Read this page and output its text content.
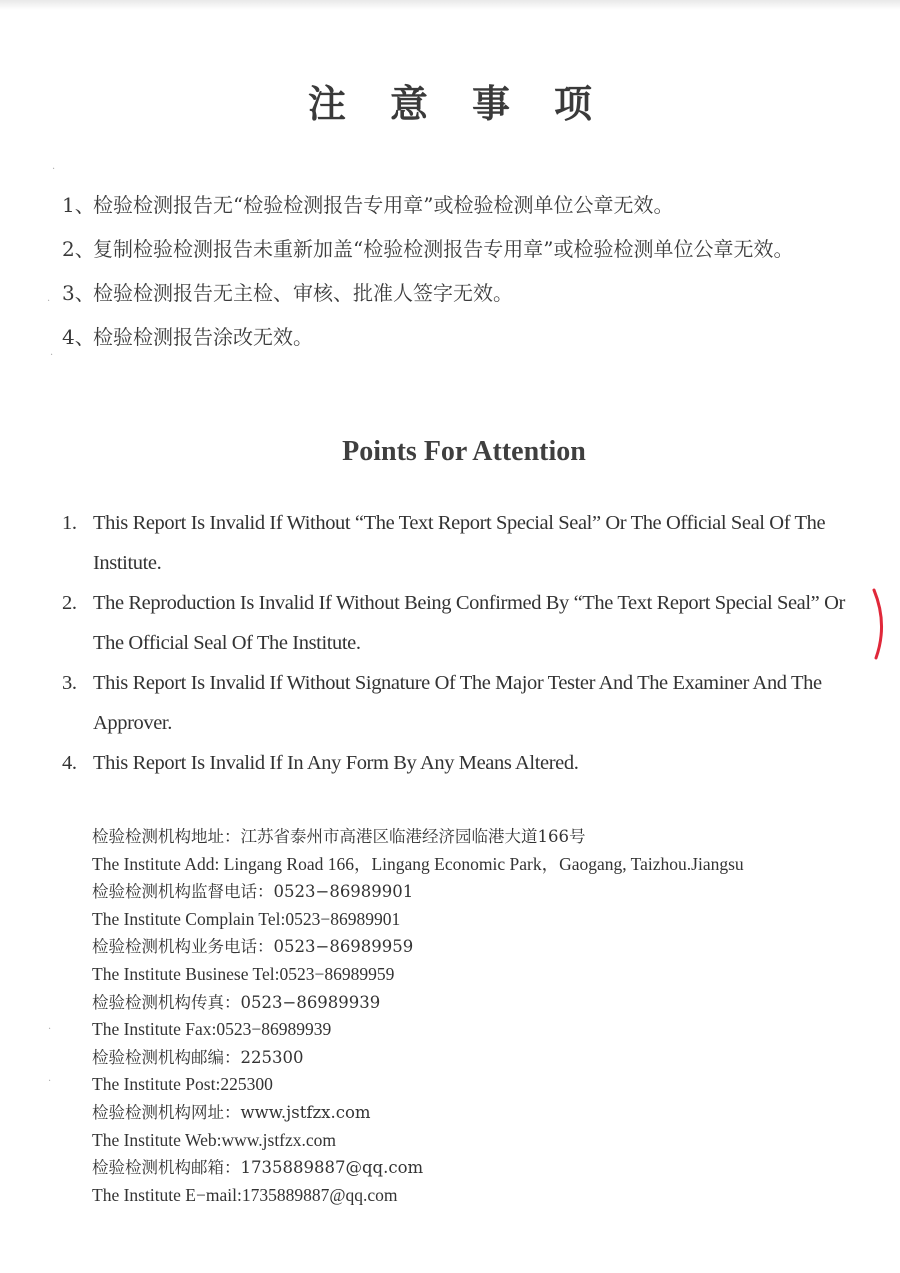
注意事项
1、
检验检测报告无“检验检测报告专用章”或检验检测单位公章无效。
2、
复制检验检测报告未重新加盖“检验检测报告专用章”或检验检测单位公章无效。
3、
检验检测报告无主检、审核、批准人签字无效。
4、
检验检测报告涂改无效。
Points For Attention
1. This Report Is Invalid If Without “The Text Report Special Seal” Or The Official Seal Of The Institute.
2. The Reproduction Is Invalid If Without Being Confirmed By “The Text Report Special Seal” Or The Official Seal Of The Institute.
3. This Report Is Invalid If Without Signature Of The Major Tester And The Examiner And The Approver.
4. This Report Is Invalid If In Any Form By Any Means Altered.
检验检测机构地址：江苏省泰州市高港区临港经济园临港大道166号
The Institute Add: Lingang Road 166，Lingang Economic Park，Gaogang, Taizhou.Jiangsu
检验检测机构监督电话：0523−86989901
The Institute Complain Tel:0523−86989901
检验检测机构业务电话：0523−86989959
The Institute Businese Tel:0523−86989959
检验检测机构传真：0523−86989939
The Institute Fax:0523−86989939
检验检测机构邮编：225300
The Institute Post:225300
检验检测机构网址：www.jstfzx.com
The Institute Web:www.jstfzx.com
检验检测机构邮箱：1735889887@qq.com
The Institute E−mail:1735889887@qq.com
·
·
·
·
·
